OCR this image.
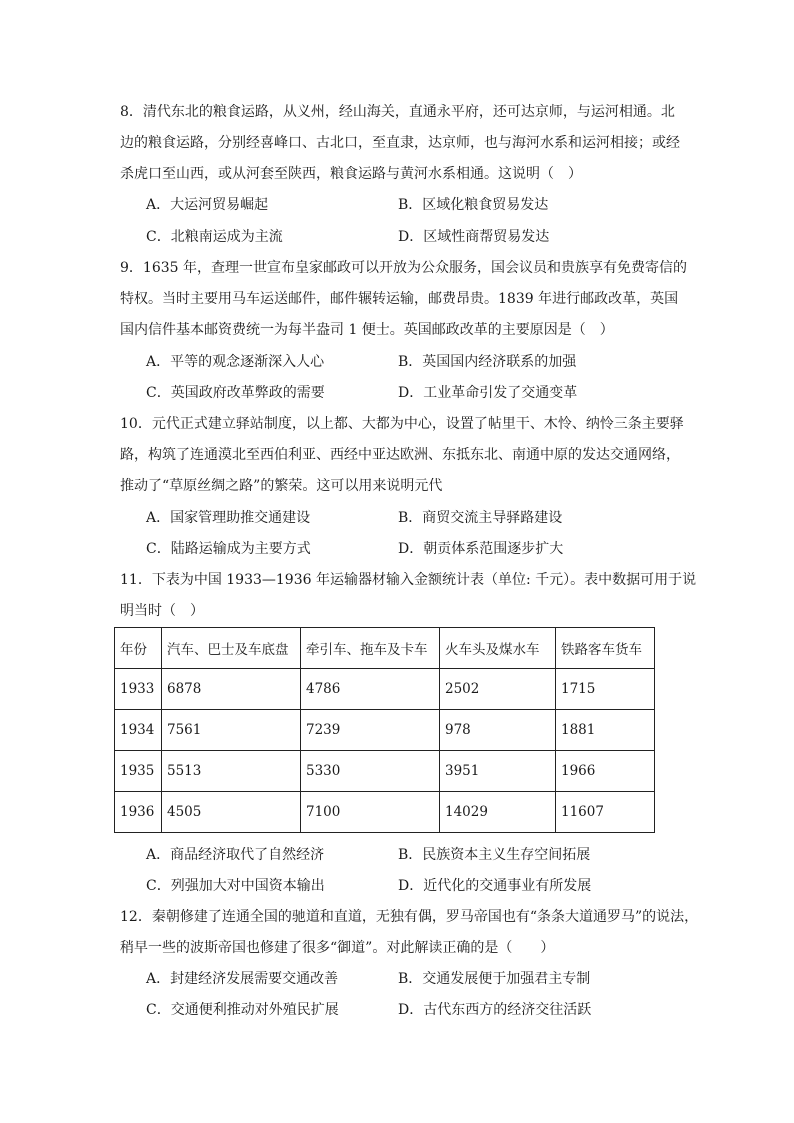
8．清代东北的粮食运路，从义州，经山海关，直通永平府，还可达京师，与运河相通。北
边的粮食运路，分别经喜峰口、古北口，至直隶，达京师，也与海河水系和运河相接；或经
杀虎口至山西，或从河套至陕西，粮食运路与黄河水系相通。这说明（　）
A．大运河贸易崛起	B．区域化粮食贸易发达
C．北粮南运成为主流	D．区域性商帮贸易发达
9．1635 年，查理一世宣布皇家邮政可以开放为公众服务，国会议员和贵族享有免费寄信的
特权。当时主要用马车运送邮件，邮件辗转运输，邮费昂贵。1839 年进行邮政改革，英国
国内信件基本邮资费统一为每半盎司 1 便士。英国邮政改革的主要原因是（　）
A．平等的观念逐渐深入人心	B．英国国内经济联系的加强
C．英国政府改革弊政的需要	D．工业革命引发了交通变革
10．元代正式建立驿站制度，以上都、大都为中心，设置了帖里干、木怜、纳怜三条主要驿
路，构筑了连通漠北至西伯利亚、西经中亚达欧洲、东抵东北、南通中原的发达交通网络，
推动了“草原丝绸之路”的繁荣。这可以用来说明元代
A．国家管理助推交通建设	B．商贸交流主导驿路建设
C．陆路运输成为主要方式	D．朝贡体系范围逐步扩大
11．下表为中国 1933—1936 年运输器材输入金额统计表（单位: 千元）。表中数据可用于说
明当时（　）
年份	汽车、巴士及车底盘	牵引车、拖车及卡车	火车头及煤水车	铁路客车货车
1933	6878	4786	2502	1715
1934	7561	7239	978	1881
1935	5513	5330	3951	1966
1936	4505	7100	14029	11607
A．商品经济取代了自然经济	B．民族资本主义生存空间拓展
C．列强加大对中国资本输出	D．近代化的交通事业有所发展
12．秦朝修建了连通全国的驰道和直道，无独有偶，罗马帝国也有“条条大道通罗马”的说法，
稍早一些的波斯帝国也修建了很多“御道”。对此解读正确的是（　　）
A．封建经济发展需要交通改善	B．交通发展便于加强君主专制
C．交通便利推动对外殖民扩展	D．古代东西方的经济交往活跃
